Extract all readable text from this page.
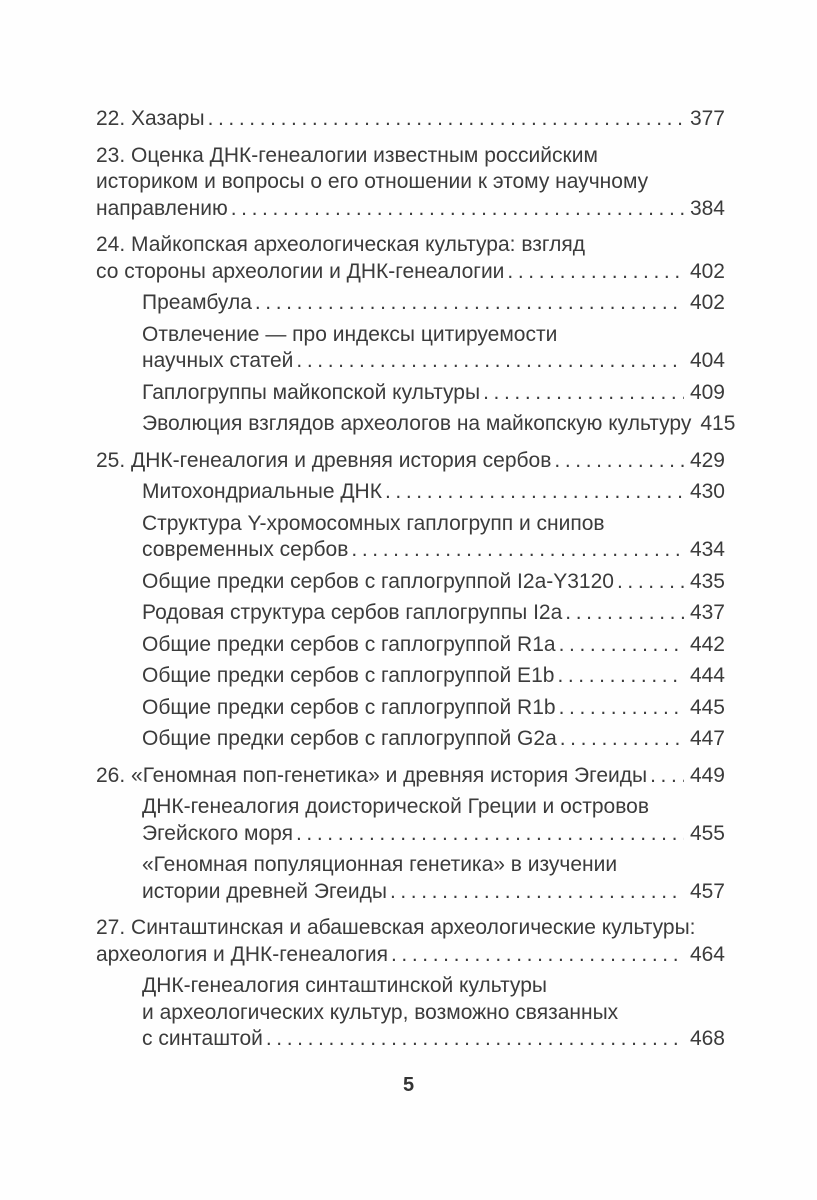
22. Хазары .....	377
23. Оценка ДНК-генеалогии известным российским
историком и вопросы о его отношении к этому научному
направлению .....	384
24. Майкопская археологическая культура: взгляд
со стороны археологии и ДНК-генеалогии .....	402
Преамбула .....	402
Отвлечение — про индексы цитируемости
научных статей .....	404
Гаплогруппы майкопской культуры .....	409
Эволюция взглядов археологов на майкопскую культуру 415
25. ДНК-генеалогия и древняя история сербов .....	429
Митохондриальные ДНК .....	430
Структура Y-хромосомных гаплогрупп и снипов
современных сербов .....	434
Общие предки сербов с гаплогруппой I2a-Y3120 .....	435
Родовая структура сербов гаплогруппы I2a .....	437
Общие предки сербов с гаплогруппой R1a .....	442
Общие предки сербов с гаплогруппой E1b .....	444
Общие предки сербов с гаплогруппой R1b .....	445
Общие предки сербов с гаплогруппой G2a .....	447
26. «Геномная поп-генетика» и древняя история Эгеиды ..... 449
ДНК-генеалогия доисторической Греции и островов
Эгейского моря .....	455
«Геномная популяционная генетика» в изучении
истории древней Эгеиды .....	457
27. Синташтинская и абашевская археологические культуры:
археология и ДНК-генеалогия .....	464
ДНК-генеалогия синташтинской культуры
и археологических культур, возможно связанных
с синташтой .....	468
5
